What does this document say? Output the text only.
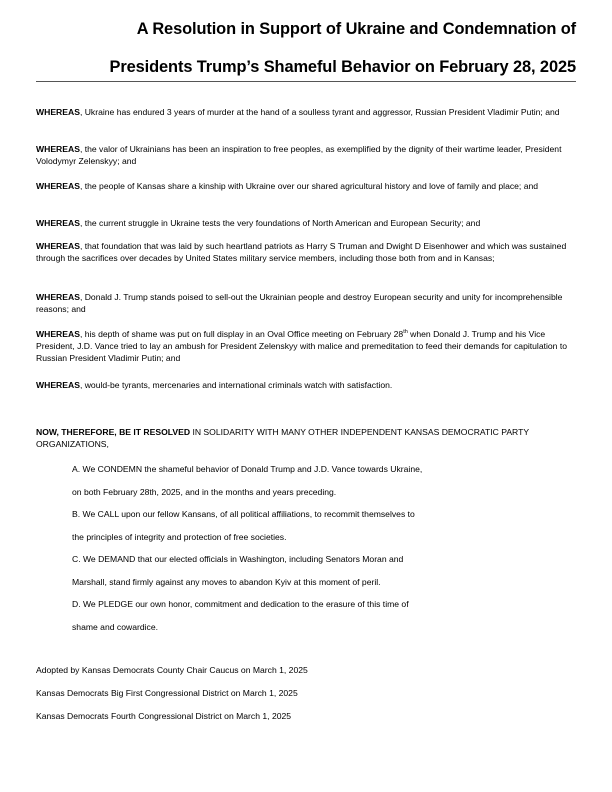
A Resolution in Support of Ukraine and Condemnation of
Presidents Trump’s Shameful Behavior on February 28, 2025
WHEREAS, Ukraine has endured 3 years of murder at the hand of a soulless tyrant and aggressor, Russian President Vladimir Putin; and
WHEREAS, the valor of Ukrainians has been an inspiration to free peoples, as exemplified by the dignity of their wartime leader, President Volodymyr Zelenskyy; and
WHEREAS, the people of Kansas share a kinship with Ukraine over our shared agricultural history and love of family and place; and
WHEREAS, the current struggle in Ukraine tests the very foundations of North American and European Security; and
WHEREAS, that foundation that was laid by such heartland patriots as Harry S Truman and Dwight D Eisenhower and which was sustained through the sacrifices over decades by United States military service members, including those both from and in Kansas;
WHEREAS, Donald J. Trump stands poised to sell-out the Ukrainian people and destroy European security and unity for incomprehensible reasons; and
WHEREAS, his depth of shame was put on full display in an Oval Office meeting on February 28th when Donald J. Trump and his Vice President, J.D. Vance tried to lay an ambush for President Zelenskyy with malice and premeditation to feed their demands for capitulation to Russian President Vladimir Putin; and
WHEREAS, would-be tyrants, mercenaries and international criminals watch with satisfaction.
NOW, THEREFORE, BE IT RESOLVED IN SOLIDARITY WITH MANY OTHER INDEPENDENT KANSAS DEMOCRATIC PARTY ORGANIZATIONS,
A. We CONDEMN the shameful behavior of Donald Trump and J.D. Vance towards Ukraine,
on both February 28th, 2025, and in the months and years preceding.
B. We CALL upon our fellow Kansans, of all political affiliations, to recommit themselves to
the principles of integrity and protection of free societies.
C. We DEMAND that our elected officials in Washington, including Senators Moran and
Marshall, stand firmly against any moves to abandon Kyiv at this moment of peril.
D. We PLEDGE our own honor, commitment and dedication to the erasure of this time of
shame and cowardice.
Adopted by Kansas Democrats County Chair Caucus on March 1, 2025
Kansas Democrats Big First Congressional District on March 1, 2025
Kansas Democrats Fourth Congressional District on March 1, 2025
